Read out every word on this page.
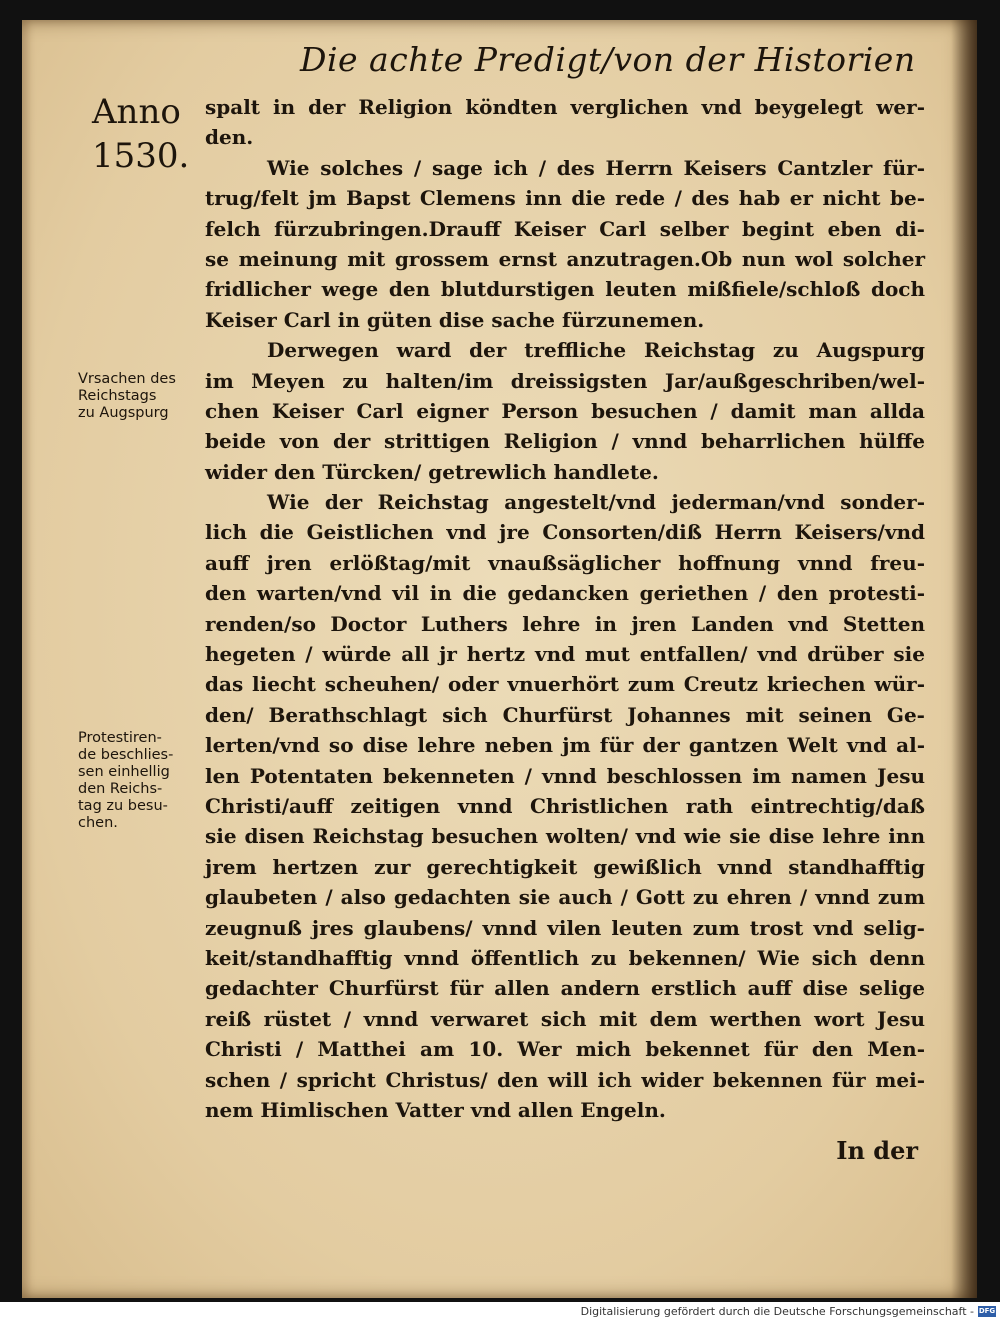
Die achte Predigt/von der Historien
Anno
1530.
spalt in der Religion köndten verglichen vnd beygelegt wer-
den.
Wie solches / sage ich / des Herrn Keisers Cantzler für-
trug/felt jm Bapst Clemens inn die rede / des hab er nicht be-
felch fürzubringen.Drauff Keiser Carl selber begint eben di-
se meinung mit grossem ernst anzutragen.Ob nun wol solcher
fridlicher wege den blutdurstigen leuten mißfiele/schloß doch
Keiser Carl in güten dise sache fürzunemen.
Derwegen ward der treffliche Reichstag zu Augspurg
im Meyen zu halten/im dreissigsten Jar/außgeschriben/wel-
chen Keiser Carl eigner Person besuchen / damit man allda
beide von der strittigen Religion / vnnd beharrlichen hülffe
wider den Türcken/ getrewlich handlete.
Wie der Reichstag angestelt/vnd jederman/vnd sonder-
lich die Geistlichen vnd jre Consorten/diß Herrn Keisers/vnd
auff jren erlößtag/mit vnaußsäglicher hoffnung vnnd freu-
den warten/vnd vil in die gedancken geriethen / den protesti-
renden/so Doctor Luthers lehre in jren Landen vnd Stetten
hegeten / würde all jr hertz vnd mut entfallen/ vnd drüber sie
das liecht scheuhen/ oder vnuerhört zum Creutz kriechen wür-
den/ Berathschlagt sich Churfürst Johannes mit seinen Ge-
lerten/vnd so dise lehre neben jm für der gantzen Welt vnd al-
len Potentaten bekenneten / vnnd beschlossen im namen Jesu
Christi/auff zeitigen vnnd Christlichen rath eintrechtig/daß
sie disen Reichstag besuchen wolten/ vnd wie sie dise lehre inn
jrem hertzen zur gerechtigkeit gewißlich vnnd standhafftig
glaubeten / also gedachten sie auch / Gott zu ehren / vnnd zum
zeugnuß jres glaubens/ vnnd vilen leuten zum trost vnd selig-
keit/standhafftig vnnd öffentlich zu bekennen/ Wie sich denn
gedachter Churfürst für allen andern erstlich auff dise selige
reiß rüstet / vnnd verwaret sich mit dem werthen wort Jesu
Christi / Matthei am 10. Wer mich bekennet für den Men-
schen / spricht Christus/ den will ich wider bekennen für mei-
nem Himlischen Vatter vnd allen Engeln.
Vrsachen des
Reichstags
zu Augspurg
Protestiren-
de beschlies-
sen einhellig
den Reichs-
tag zu besu-
chen.
In der
Digitalisierung gefördert durch die Deutsche Forschungsgemeinschaft - DFG
